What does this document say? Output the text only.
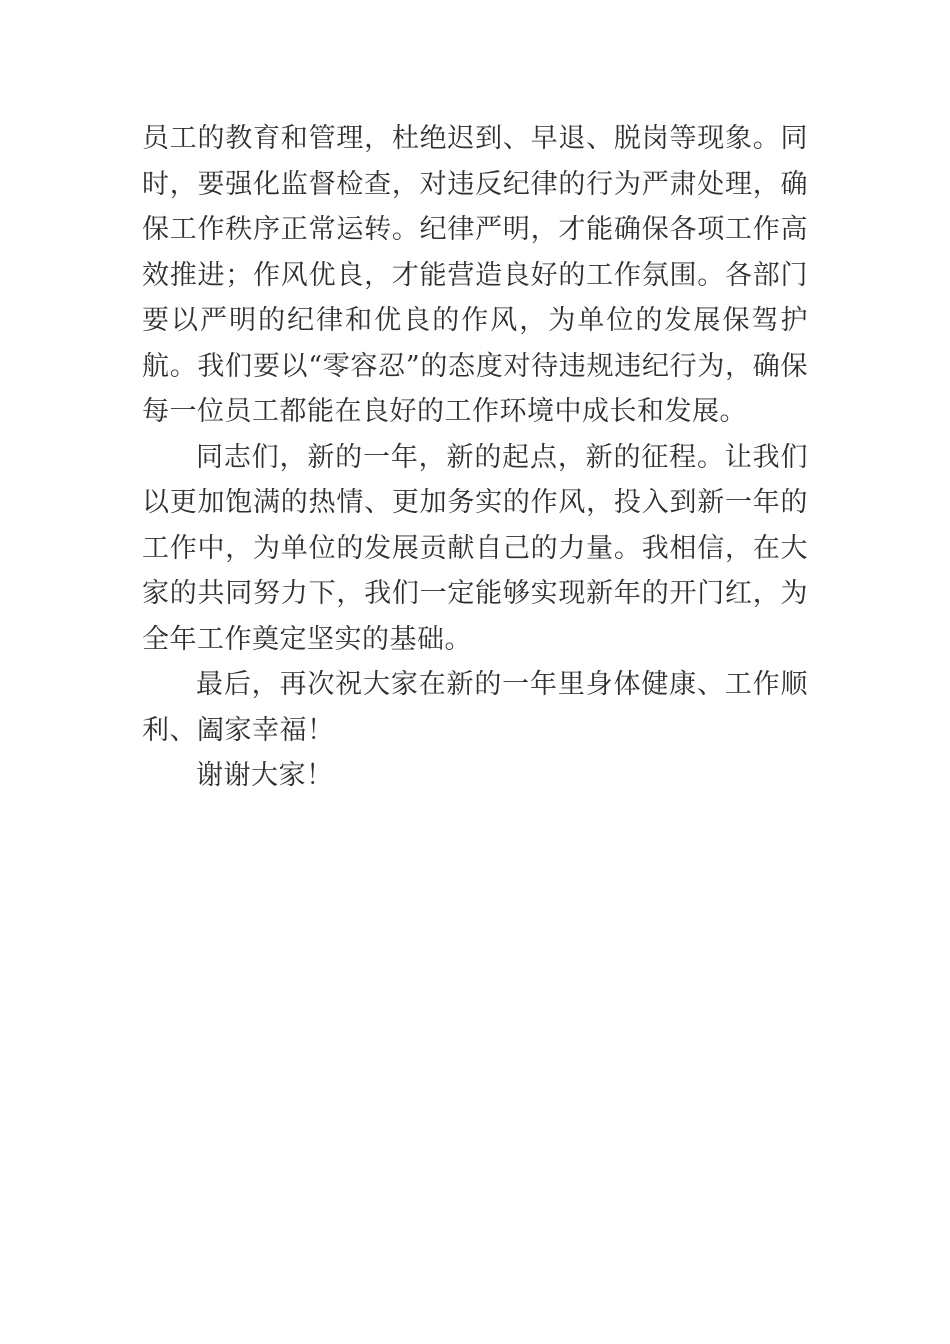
员工的教育和管理，杜绝迟到、早退、脱岗等现象。同时，要强化监督检查，对违反纪律的行为严肃处理，确保工作秩序正常运转。纪律严明，才能确保各项工作高效推进；作风优良，才能营造良好的工作氛围。各部门要以严明的纪律和优良的作风，为单位的发展保驾护航。我们要以“零容忍”的态度对待违规违纪行为，确保每一位员工都能在良好的工作环境中成长和发展。

同志们，新的一年，新的起点，新的征程。让我们以更加饱满的热情、更加务实的作风，投入到新一年的工作中，为单位的发展贡献自己的力量。我相信，在大家的共同努力下，我们一定能够实现新年的开门红，为全年工作奠定坚实的基础。

最后，再次祝大家在新的一年里身体健康、工作顺利、阖家幸福！

谢谢大家！
